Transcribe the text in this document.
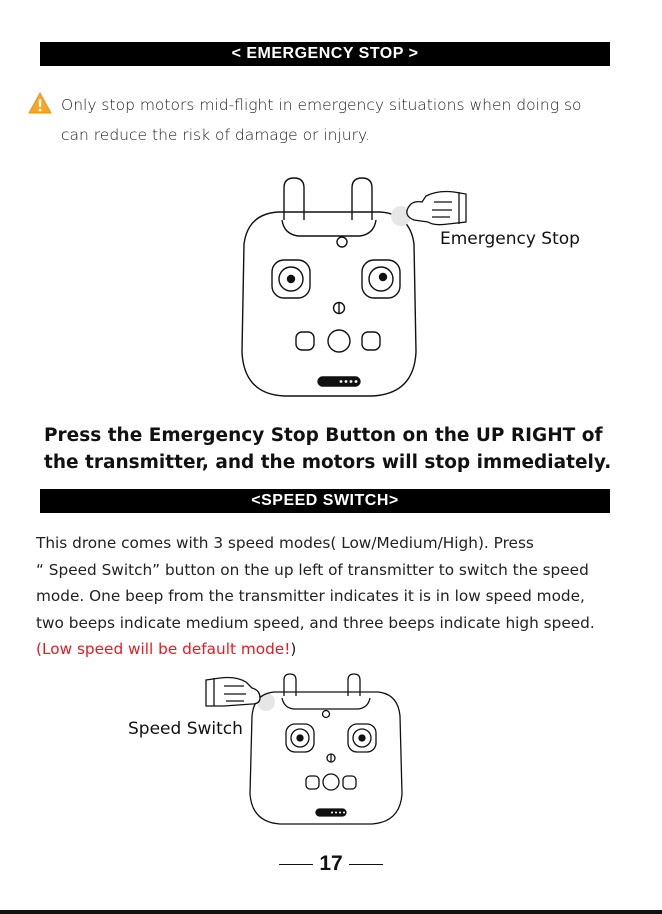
< EMERGENCY STOP >
Only stop motors mid-flight in emergency situations when doing so
can reduce the risk of damage or injury.
Emergency Stop
Press the Emergency Stop Button on the UP RIGHT of
the transmitter, and the motors will stop immediately.
<SPEED SWITCH>
This drone comes with 3 speed modes( Low/Medium/High). Press
“ Speed Switch” button on the up left of transmitter to switch the speed
mode. One beep from the transmitter indicates it is in low speed mode,
two beeps indicate medium speed, and three beeps indicate high speed.
(Low speed will be default mode!)
Speed Switch
17
